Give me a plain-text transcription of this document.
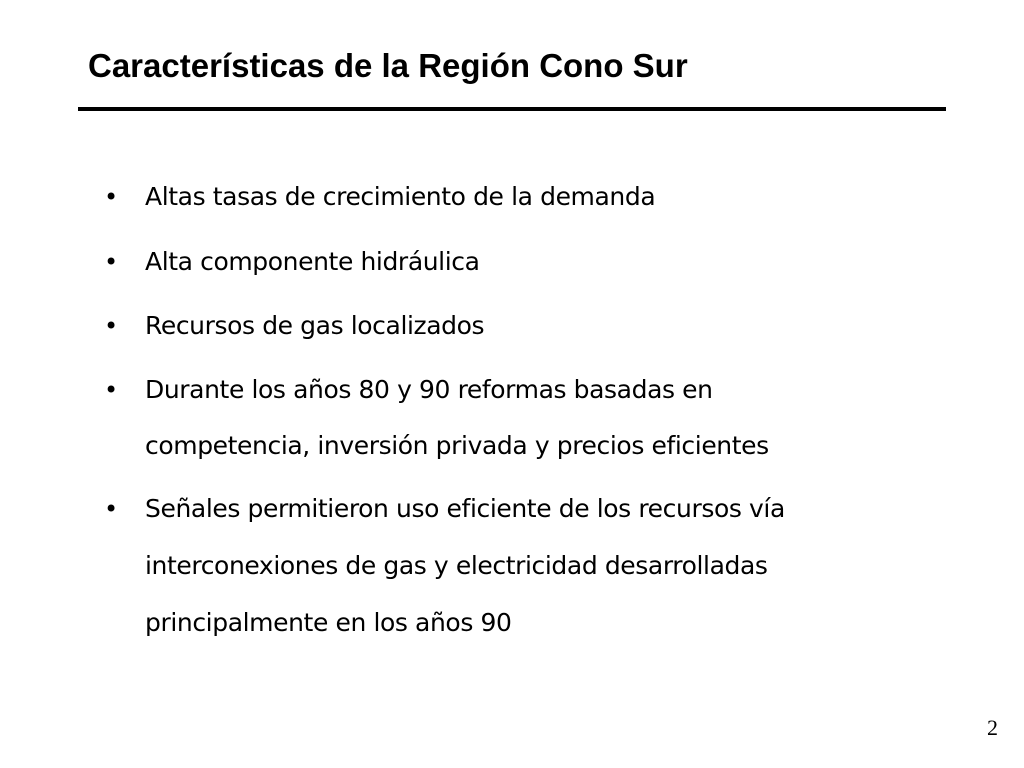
Características de la Región Cono Sur
• Altas tasas de crecimiento de la demanda
• Alta componente hidráulica
• Recursos de gas localizados
• Durante los años 80 y 90 reformas basadas en
competencia, inversión privada y precios eficientes
• Señales permitieron uso eficiente de los recursos vía
interconexiones de gas y electricidad desarrolladas
principalmente en los años 90
2
